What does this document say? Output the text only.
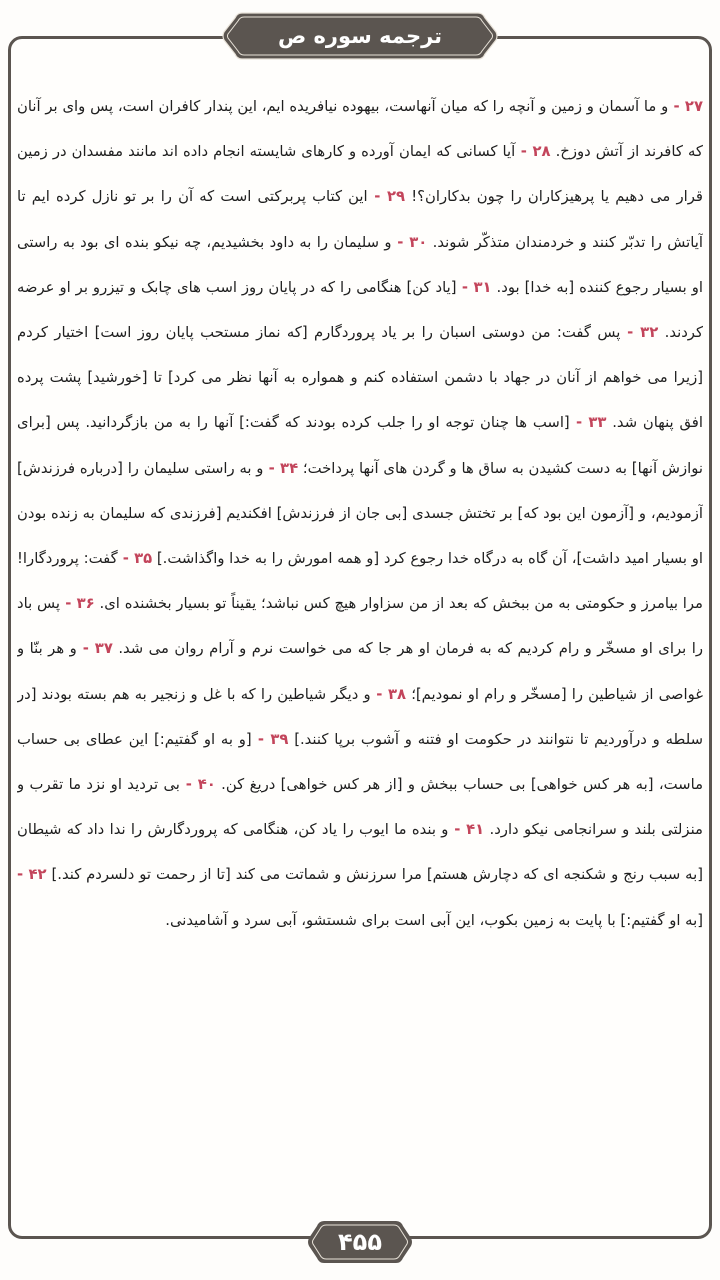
ترجمه سوره ص

۲۷ - و ما آسمان و زمین و آنچه را که میان آنهاست، بیهوده نیافریده ایم، این پندار کافران است، پس وای بر آنان که کافرند از آتش دوزخ. ۲۸ - آیا کسانی که ایمان آورده و کارهای شایسته انجام داده اند مانند مفسدان در زمین قرار می دهیم یا پرهیزکاران را چون بدکاران؟! ۲۹ - این کتاب پربرکتی است که آن را بر تو نازل کرده ایم تا آیاتش را تدبّر کنند و خردمندان متذکّر شوند. ۳۰ - و سلیمان را به داود بخشیدیم، چه نیکو بنده ای بود به راستی او بسیار رجوع کننده [به خدا] بود. ۳۱ - [یاد کن] هنگامی را که در پایان روز اسب های چابک و تیزرو بر او عرضه کردند. ۳۲ - پس گفت: من دوستی اسبان را بر یاد پروردگارم [که نماز مستحب پایان روز است] اختیار کردم [زیرا می خواهم از آنان در جهاد با دشمن استفاده کنم و همواره به آنها نظر می کرد] تا [خورشید] پشت پرده افق پنهان شد. ۳۳ - [اسب ها چنان توجه او را جلب کرده بودند که گفت:] آنها را به من بازگردانید. پس [برای نوازش آنها] به دست کشیدن به ساق ها و گردن های آنها پرداخت؛ ۳۴ - و به راستی سلیمان را [درباره فرزندش] آزمودیم، و [آزمون این بود که] بر تختش جسدی [بی جان از فرزندش] افکندیم [فرزندی که سلیمان به زنده بودن او بسیار امید داشت]، آن گاه به درگاه خدا رجوع کرد [و همه امورش را به خدا واگذاشت.] ۳۵ - گفت: پروردگارا! مرا بیامرز و حکومتی به من ببخش که بعد از من سزاوار هیچ کس نباشد؛ یقیناً تو بسیار بخشنده ای. ۳۶ - پس باد را برای او مسخّر و رام کردیم که به فرمان او هر جا که می خواست نرم و آرام روان می شد. ۳۷ - و هر بنّا و غواصی از شیاطین را [مسخّر و رام او نمودیم]؛ ۳۸ - و دیگر شیاطین را که با غل و زنجیر به هم بسته بودند [در سلطه و درآوردیم تا نتوانند در حکومت او فتنه و آشوب برپا کنند.] ۳۹ - [و به او گفتیم:] این عطای بی حساب ماست، [به هر کس خواهی] بی حساب ببخش و [از هر کس خواهی] دریغ کن. ۴۰ - بی تردید او نزد ما تقرب و منزلتی بلند و سرانجامی نیکو دارد. ۴۱ - و بنده ما ایوب را یاد کن، هنگامی که پروردگارش را ندا داد که شیطان [به سبب رنج و شکنجه ای که دچارش هستم] مرا سرزنش و شماتت می کند [تا از رحمت تو دلسردم کند.] ۴۲ - [به او گفتیم:] با پایت به زمین بکوب، این آبی است برای شستشو، آبی سرد و آشامیدنی.

۴۵۵
